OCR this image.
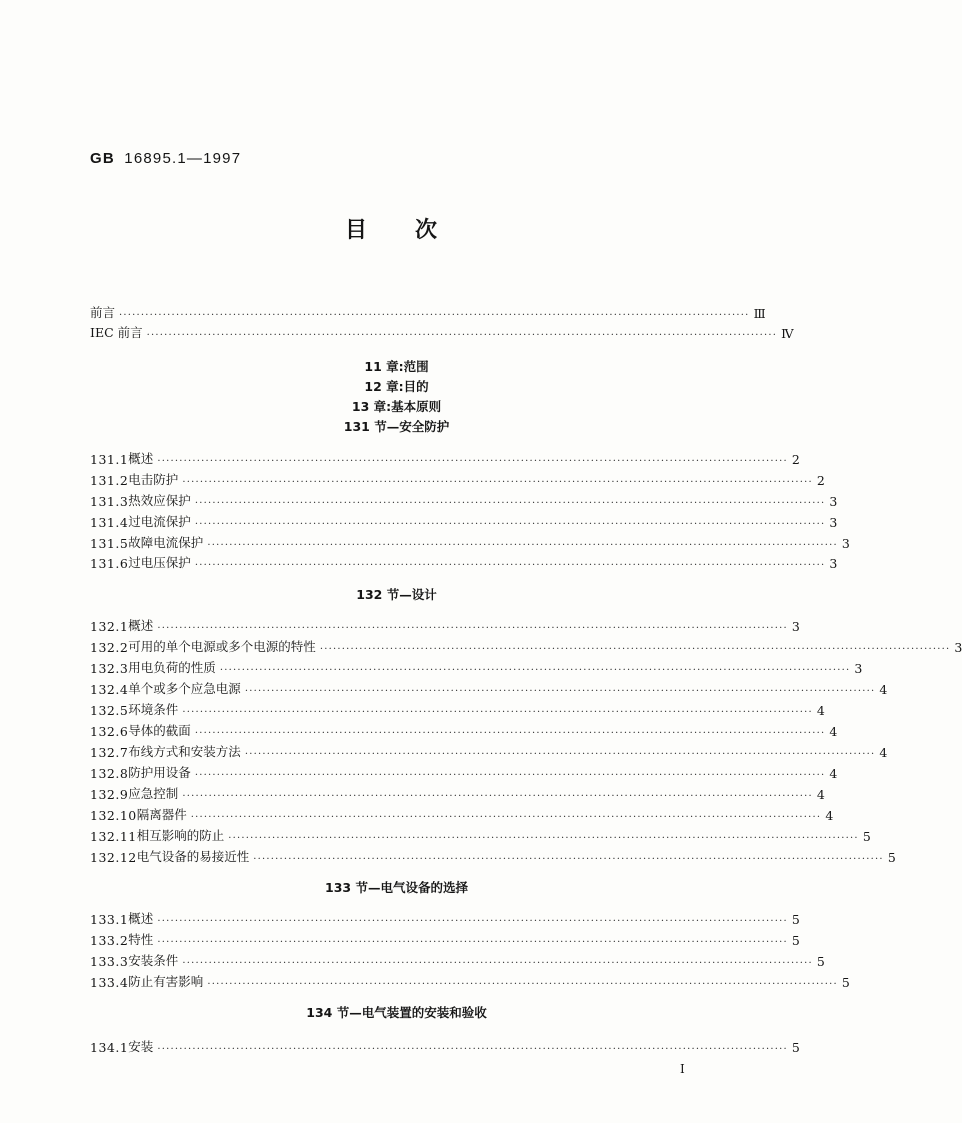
GB 16895.1—1997
目次
前言 ················································································································································ Ⅲ
IEC 前言 ················································································································································ Ⅳ
11 章:范围
12 章:目的
13 章:基本原则
131 节—安全防护
131.1 概述 ················································································································································ 2
131.2 电击防护 ················································································································································ 2
131.3 热效应保护 ················································································································································ 3
131.4 过电流保护 ················································································································································ 3
131.5 故障电流保护 ················································································································································ 3
131.6 过电压保护 ················································································································································ 3
132 节—设计
132.1 概述 ················································································································································ 3
132.2 可用的单个电源或多个电源的特性 ················································································································································ 3
132.3 用电负荷的性质 ················································································································································ 3
132.4 单个或多个应急电源 ················································································································································ 4
132.5 环境条件 ················································································································································ 4
132.6 导体的截面 ················································································································································ 4
132.7 布线方式和安装方法 ················································································································································ 4
132.8 防护用设备 ················································································································································ 4
132.9 应急控制 ················································································································································ 4
132.10 隔离器件 ················································································································································ 4
132.11 相互影响的防止 ················································································································································ 5
132.12 电气设备的易接近性 ················································································································································ 5
133 节—电气设备的选择
133.1 概述 ················································································································································ 5
133.2 特性 ················································································································································ 5
133.3 安装条件 ················································································································································ 5
133.4 防止有害影响 ················································································································································ 5
134 节—电气装置的安装和验收
134.1 安装 ················································································································································ 5
I
